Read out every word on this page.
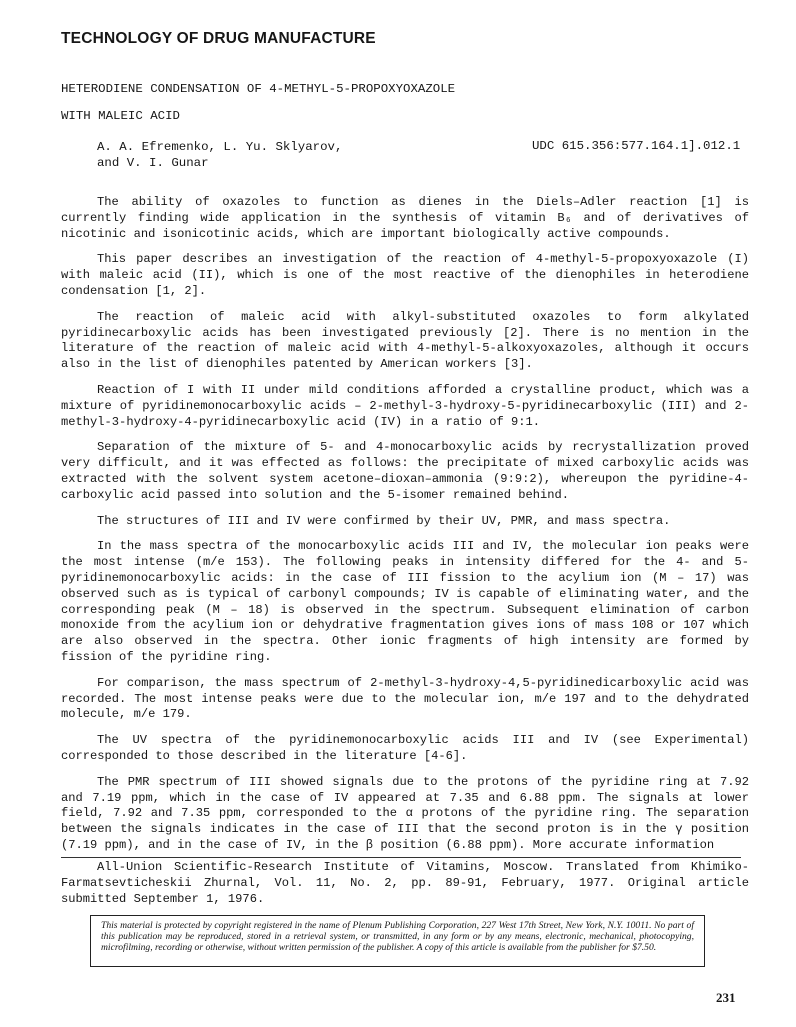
TECHNOLOGY OF DRUG MANUFACTURE
HETERODIENE CONDENSATION OF 4-METHYL-5-PROPOXYOXAZOLE
WITH MALEIC ACID
A. A. Efremenko, L. Yu. Sklyarov,
and V. I. Gunar
UDC 615.356:577.164.1].012.1

The ability of oxazoles to function as dienes in the Diels–Adler reaction [1] is currently finding wide application in the synthesis of vitamin B₆ and of derivatives of nicotinic and isonicotinic acids, which are important biologically active compounds.

This paper describes an investigation of the reaction of 4-methyl-5-propoxyoxazole (I) with maleic acid (II), which is one of the most reactive of the dienophiles in heterodiene condensation [1, 2].

The reaction of maleic acid with alkyl-substituted oxazoles to form alkylated pyridinecarboxylic acids has been investigated previously [2]. There is no mention in the literature of the reaction of maleic acid with 4-methyl-5-alkoxyoxazoles, although it occurs also in the list of dienophiles patented by American workers [3].

Reaction of I with II under mild conditions afforded a crystalline product, which was a mixture of pyridinemonocarboxylic acids – 2-methyl-3-hydroxy-5-pyridinecarboxylic (III) and 2-methyl-3-hydroxy-4-pyridinecarboxylic acid (IV) in a ratio of 9:1.

Separation of the mixture of 5- and 4-monocarboxylic acids by recrystallization proved very difficult, and it was effected as follows: the precipitate of mixed carboxylic acids was extracted with the solvent system acetone–dioxan–ammonia (9:9:2), whereupon the pyridine-4-carboxylic acid passed into solution and the 5-isomer remained behind.

The structures of III and IV were confirmed by their UV, PMR, and mass spectra.

In the mass spectra of the monocarboxylic acids III and IV, the molecular ion peaks were the most intense (m/e 153). The following peaks in intensity differed for the 4- and 5-pyridinemonocarboxylic acids: in the case of III fission to the acylium ion (M – 17) was observed such as is typical of carbonyl compounds; IV is capable of eliminating water, and the corresponding peak (M – 18) is observed in the spectrum. Subsequent elimination of carbon monoxide from the acylium ion or dehydrative fragmentation gives ions of mass 108 or 107 which are also observed in the spectra. Other ionic fragments of high intensity are formed by fission of the pyridine ring.

For comparison, the mass spectrum of 2-methyl-3-hydroxy-4,5-pyridinedicarboxylic acid was recorded. The most intense peaks were due to the molecular ion, m/e 197 and to the dehydrated molecule, m/e 179.

The UV spectra of the pyridinemonocarboxylic acids III and IV (see Experimental) corresponded to those described in the literature [4-6].

The PMR spectrum of III showed signals due to the protons of the pyridine ring at 7.92 and 7.19 ppm, which in the case of IV appeared at 7.35 and 6.88 ppm. The signals at lower field, 7.92 and 7.35 ppm, corresponded to the α protons of the pyridine ring. The separation between the signals indicates in the case of III that the second proton is in the γ position (7.19 ppm), and in the case of IV, in the β position (6.88 ppm). More accurate information

All-Union Scientific-Research Institute of Vitamins, Moscow. Translated from Khimiko-Farmatsevticheskii Zhurnal, Vol. 11, No. 2, pp. 89-91, February, 1977. Original article submitted September 1, 1976.

This material is protected by copyright registered in the name of Plenum Publishing Corporation, 227 West 17th Street, New York, N.Y. 10011. No part of this publication may be reproduced, stored in a retrieval system, or transmitted, in any form or by any means, electronic, mechanical, photocopying, microfilming, recording or otherwise, without written permission of the publisher. A copy of this article is available from the publisher for $7.50.
231
